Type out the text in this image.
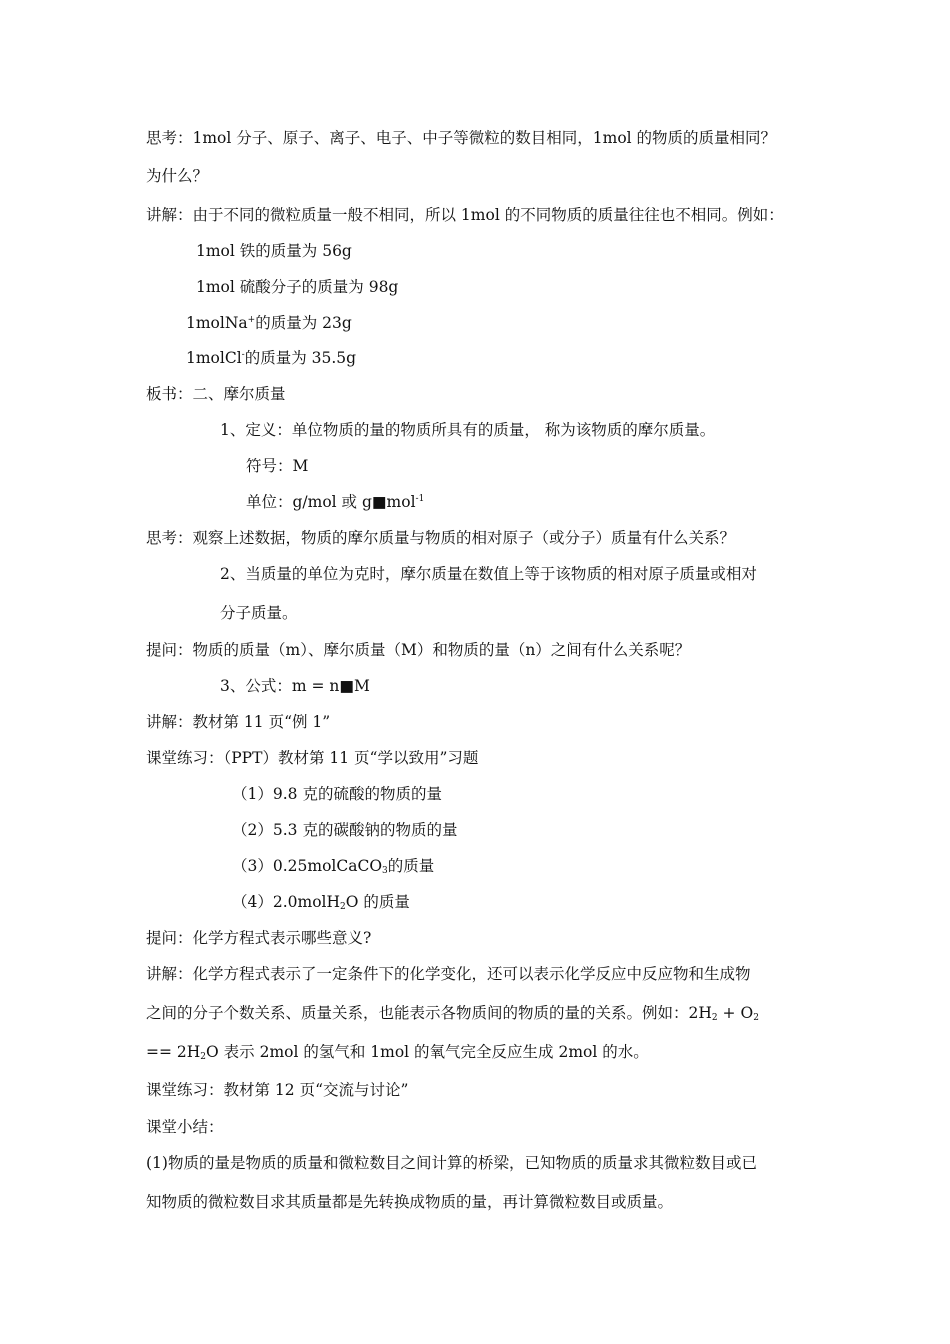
思考：1mol 分子、原子、离子、电子、中子等微粒的数目相同，1mol 的物质的质量相同？
为什么？
讲解：由于不同的微粒质量一般不相同，所以 1mol 的不同物质的质量往往也不相同。例如：
1mol 铁的质量为 56g
1mol 硫酸分子的质量为 98g
1molNa+的质量为 23g
1molCl-的质量为 35.5g
板书：二、摩尔质量
1、定义：单位物质的量的物质所具有的质量， 称为该物质的摩尔质量。
符号：M
单位：g/mol 或 g■mol$^{-1}$
思考：观察上述数据，物质的摩尔质量与物质的相对原子（或分子）质量有什么关系？
2、当质量的单位为克时，摩尔质量在数值上等于该物质的相对原子质量或相对
分子质量。
提问：物质的质量（m）、摩尔质量（M）和物质的量（n）之间有什么关系呢？
3、公式：m = n■M
讲解：教材第 11 页“例 1”
课堂练习：（PPT）教材第 11 页“学以致用”习题
（1）9.8 克的硫酸的物质的量
（2）5.3 克的碳酸钠的物质的量
（3）0.25molCaCO$_3$的质量
（4）2.0molH$_2$O 的质量
提问：化学方程式表示哪些意义?
讲解：化学方程式表示了一定条件下的化学变化，还可以表示化学反应中反应物和生成物
之间的分子个数关系、质量关系，也能表示各物质间的物质的量的关系。例如：$2H_2 + O_2$
== $2H_2O$ 表示 2mol 的氢气和 1mol 的氧气完全反应生成 2mol 的水。
课堂练习：教材第 12 页“交流与讨论”
课堂小结：
(1)物质的量是物质的质量和微粒数目之间计算的桥梁，已知物质的质量求其微粒数目或已
知物质的微粒数目求其质量都是先转换成物质的量，再计算微粒数目或质量。
